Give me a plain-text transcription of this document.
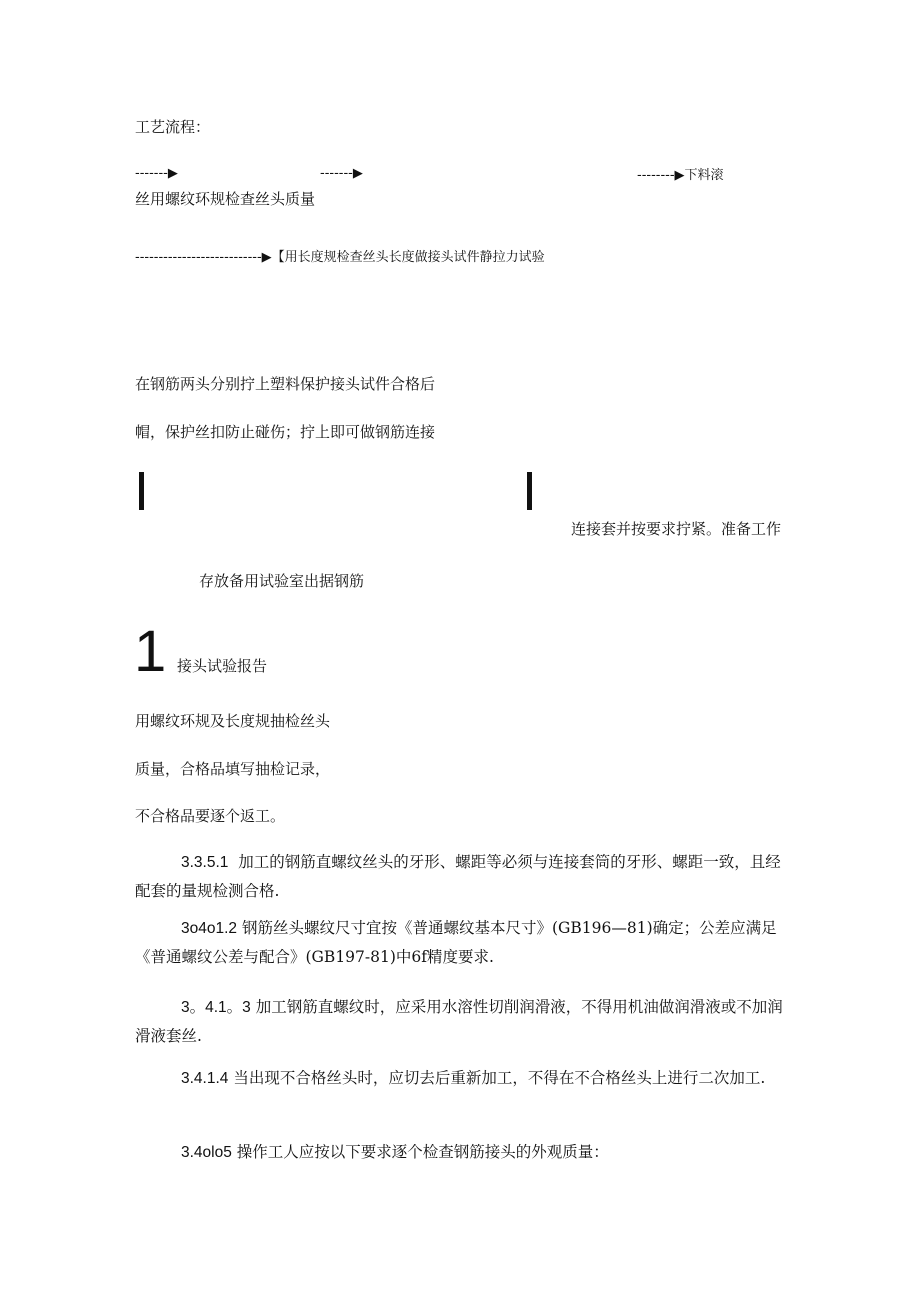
工艺流程：

-------▶	-------▶	--------▶下料滚

丝用螺纹环规检查丝头质量

---------------------------▶【用长度规检查丝头长度做接头试件静拉力试验

在钢筋两头分别拧上塑料保护接头试件合格后

帽，保护丝扣防止碰伤；拧上即可做钢筋连接

连接套并按要求拧紧。准备工作

存放备用试验室出据钢筋

1 接头试验报告

用螺纹环规及长度规抽检丝头

质量，合格品填写抽检记录，

不合格品要逐个返工。

3.3.5.1 加工的钢筋直螺纹丝头的牙形、螺距等必须与连接套筒的牙形、螺距一致，且经配套的量规检测合格.

3o4o1.2 钢筋丝头螺纹尺寸宜按《普通螺纹基本尺寸》(GB196—81)确定；公差应满足《普通螺纹公差与配合》(GB197-81)中6f精度要求.

3。4.1。3 加工钢筋直螺纹时，应采用水溶性切削润滑液，不得用机油做润滑液或不加润滑液套丝.

3.4.1.4 当出现不合格丝头时，应切去后重新加工，不得在不合格丝头上进行二次加工.

3.4olo5 操作工人应按以下要求逐个检查钢筋接头的外观质量：
